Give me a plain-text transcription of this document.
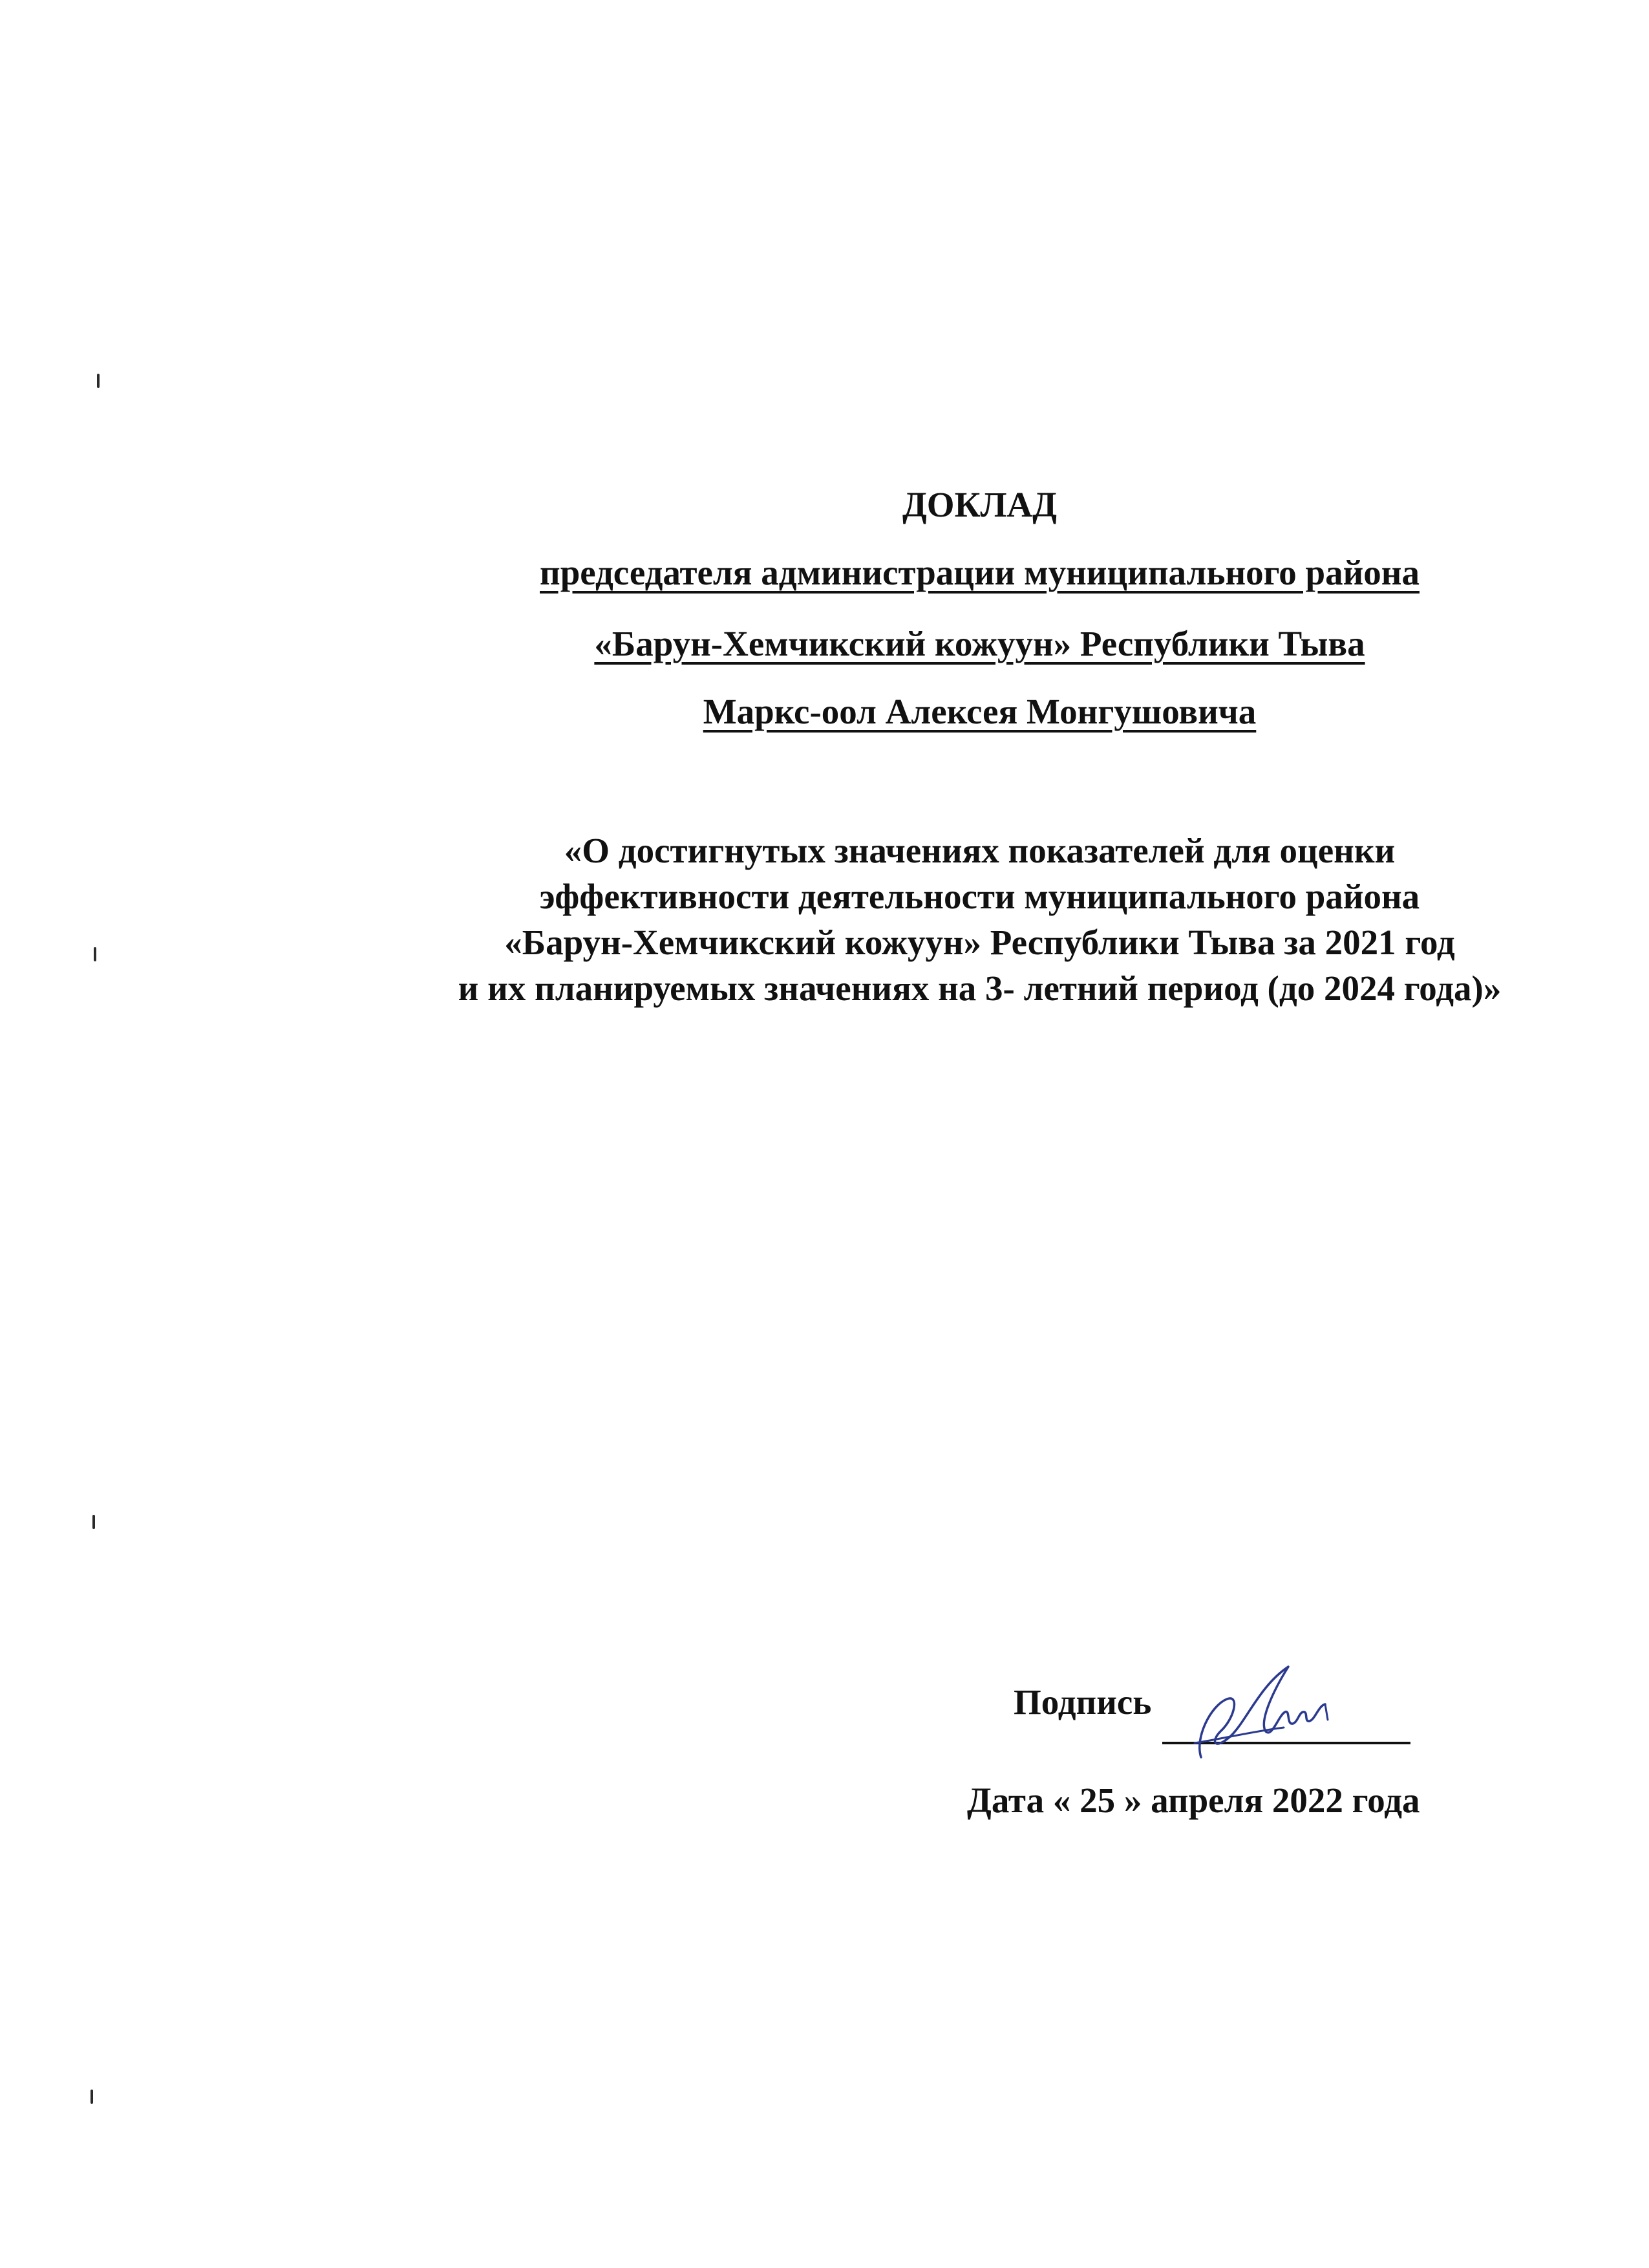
ДОКЛАД
председателя администрации муниципального района
«Барун-Хемчикский кожуун» Республики Тыва
Маркс-оол Алексея Монгушовича
«О достигнутых значениях показателей для оценки
эффективности деятельности муниципального района
«Барун-Хемчикский кожуун» Республики Тыва за 2021 год
и их планируемых значениях на 3- летний период (до 2024 года)»
Подпись
Дата « 25 » апреля 2022 года
